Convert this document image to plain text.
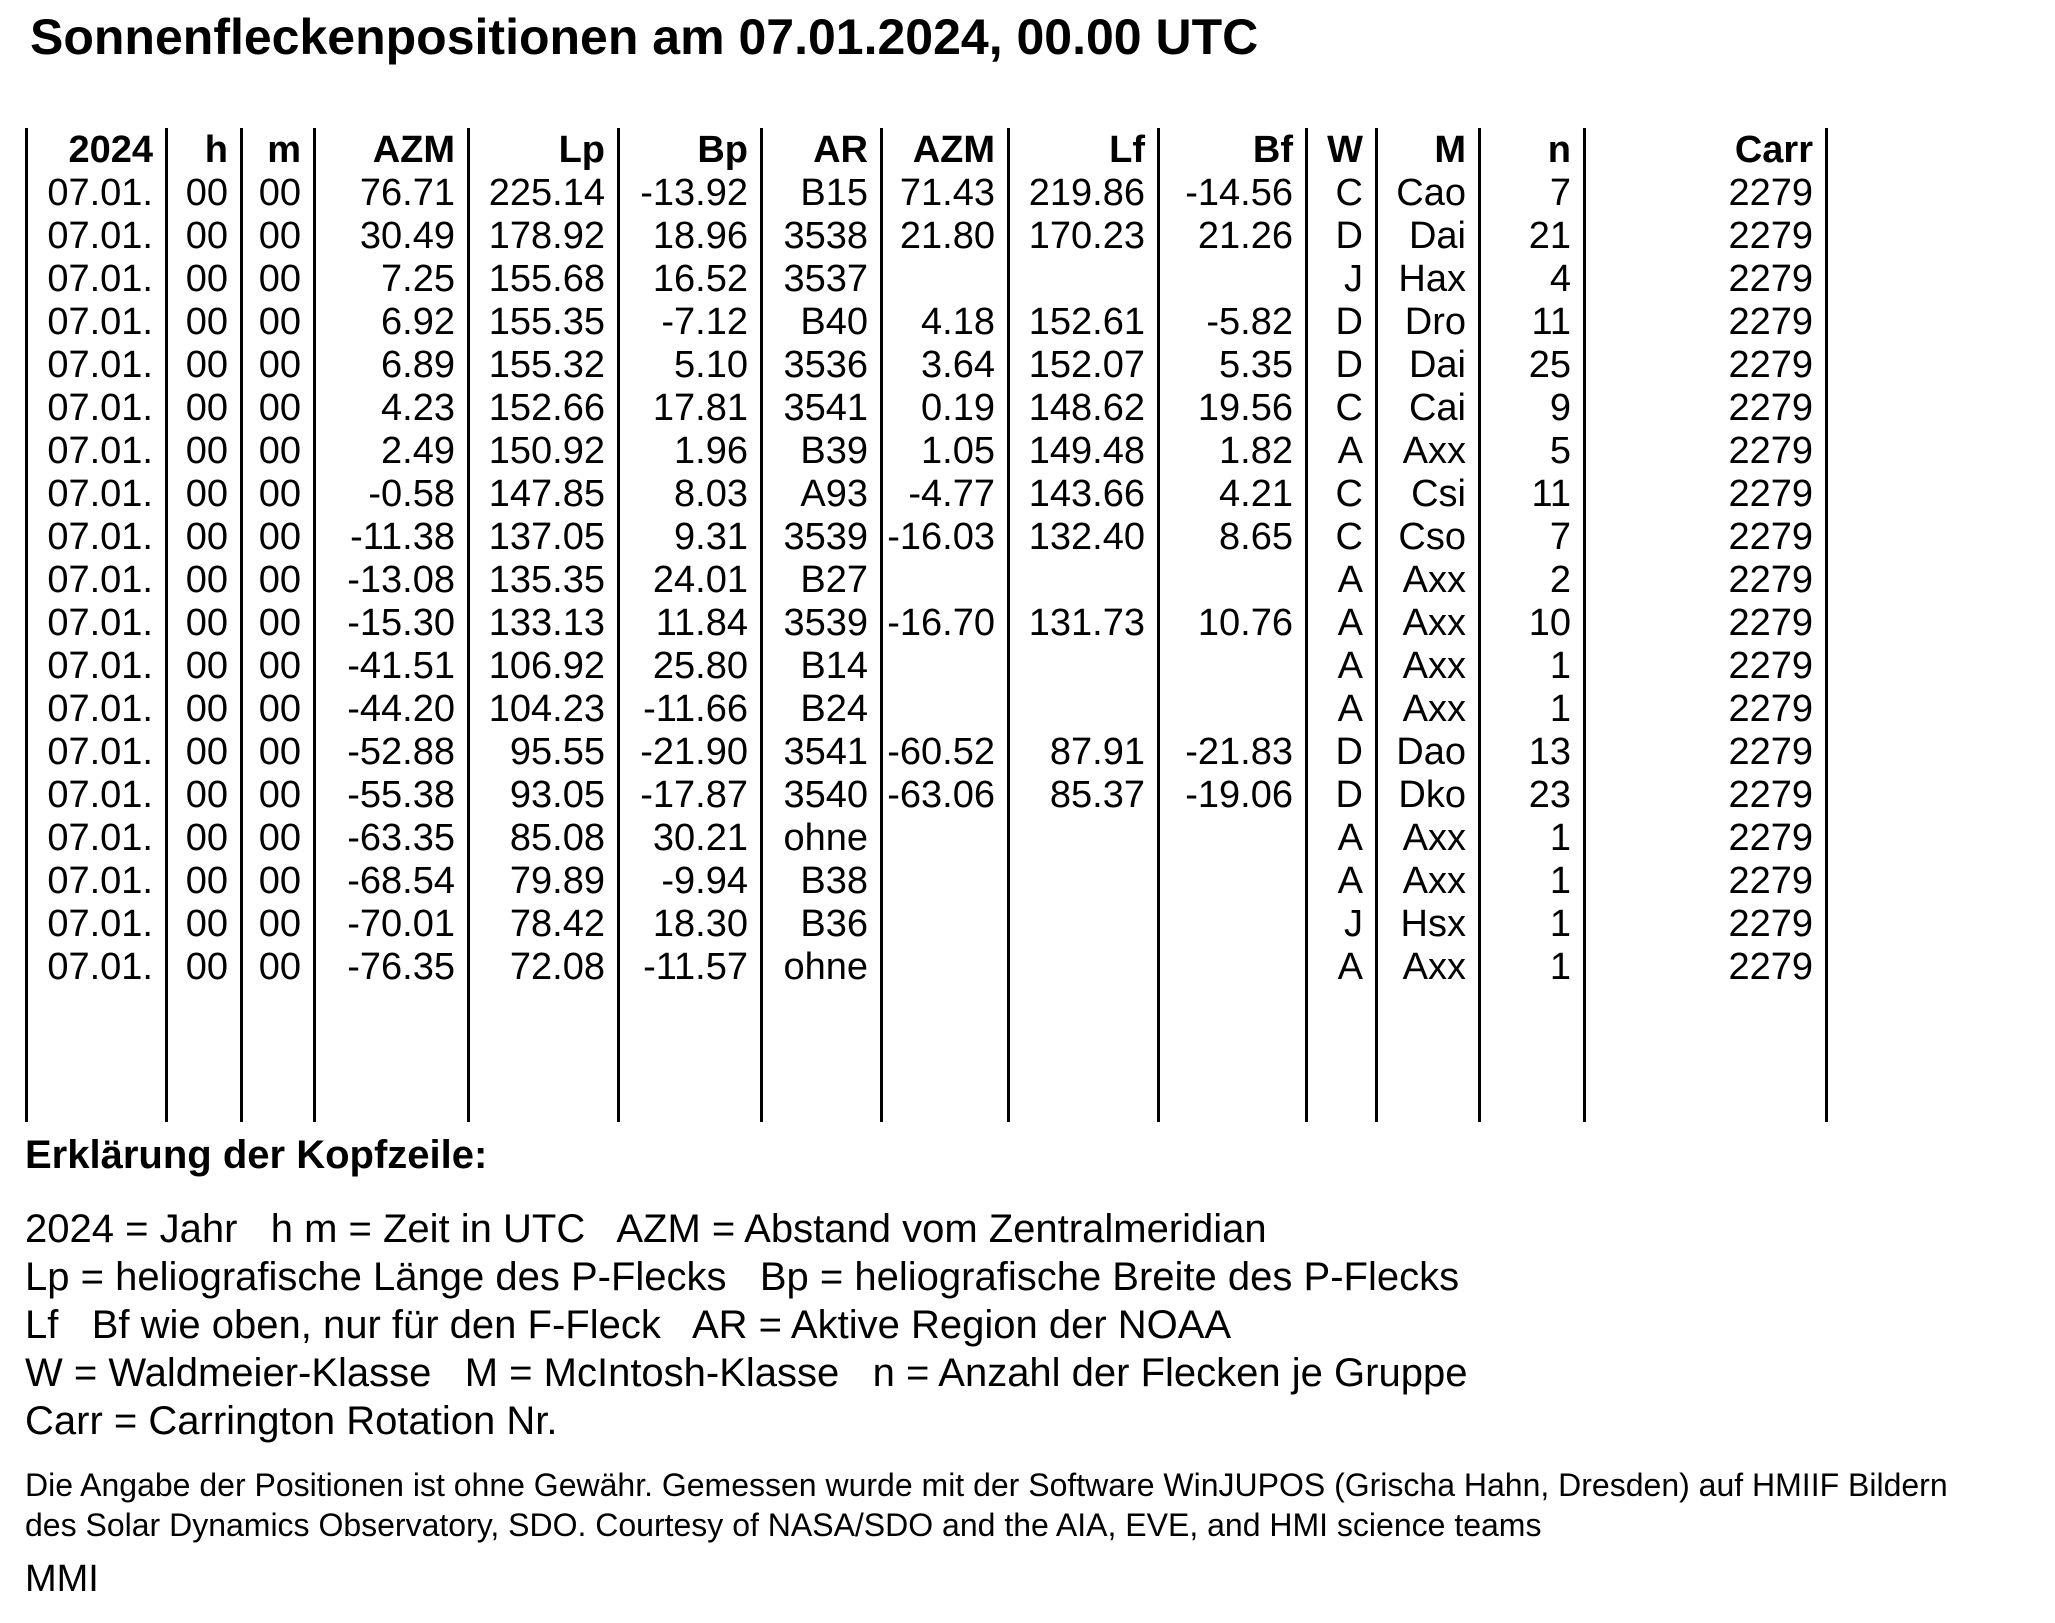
Sonnenfleckenpositionen am 07.01.2024, 00.00 UTC
2024	h	m	AZM	Lp	Bp	AR	AZM	Lf	Bf	W	M	n	Carr
07.01.	00	00	76.71	225.14	-13.92	B15	71.43	219.86	-14.56	C	Cao	7	2279
07.01.	00	00	30.49	178.92	18.96	3538	21.80	170.23	21.26	D	Dai	21	2279
07.01.	00	00	7.25	155.68	16.52	3537				J	Hax	4	2279
07.01.	00	00	6.92	155.35	-7.12	B40	4.18	152.61	-5.82	D	Dro	11	2279
07.01.	00	00	6.89	155.32	5.10	3536	3.64	152.07	5.35	D	Dai	25	2279
07.01.	00	00	4.23	152.66	17.81	3541	0.19	148.62	19.56	C	Cai	9	2279
07.01.	00	00	2.49	150.92	1.96	B39	1.05	149.48	1.82	A	Axx	5	2279
07.01.	00	00	-0.58	147.85	8.03	A93	-4.77	143.66	4.21	C	Csi	11	2279
07.01.	00	00	-11.38	137.05	9.31	3539	-16.03	132.40	8.65	C	Cso	7	2279
07.01.	00	00	-13.08	135.35	24.01	B27				A	Axx	2	2279
07.01.	00	00	-15.30	133.13	11.84	3539	-16.70	131.73	10.76	A	Axx	10	2279
07.01.	00	00	-41.51	106.92	25.80	B14				A	Axx	1	2279
07.01.	00	00	-44.20	104.23	-11.66	B24				A	Axx	1	2279
07.01.	00	00	-52.88	95.55	-21.90	3541	-60.52	87.91	-21.83	D	Dao	13	2279
07.01.	00	00	-55.38	93.05	-17.87	3540	-63.06	85.37	-19.06	D	Dko	23	2279
07.01.	00	00	-63.35	85.08	30.21	ohne				A	Axx	1	2279
07.01.	00	00	-68.54	79.89	-9.94	B38				A	Axx	1	2279
07.01.	00	00	-70.01	78.42	18.30	B36				J	Hsx	1	2279
07.01.	00	00	-76.35	72.08	-11.57	ohne				A	Axx	1	2279

Erklärung der Kopfzeile:
2024 = Jahr   h m = Zeit in UTC   AZM = Abstand vom Zentralmeridian
Lp = heliografische Länge des P-Flecks   Bp = heliografische Breite des P-Flecks
Lf   Bf wie oben, nur für den F-Fleck   AR = Aktive Region der NOAA
W = Waldmeier-Klasse   M = McIntosh-Klasse   n = Anzahl der Flecken je Gruppe
Carr = Carrington Rotation Nr.
Die Angabe der Positionen ist ohne Gewähr. Gemessen wurde mit der Software WinJUPOS (Grischa Hahn, Dresden) auf HMIIF Bildern
des Solar Dynamics Observatory, SDO. Courtesy of NASA/SDO and the AIA, EVE, and HMI science teams
MMI
